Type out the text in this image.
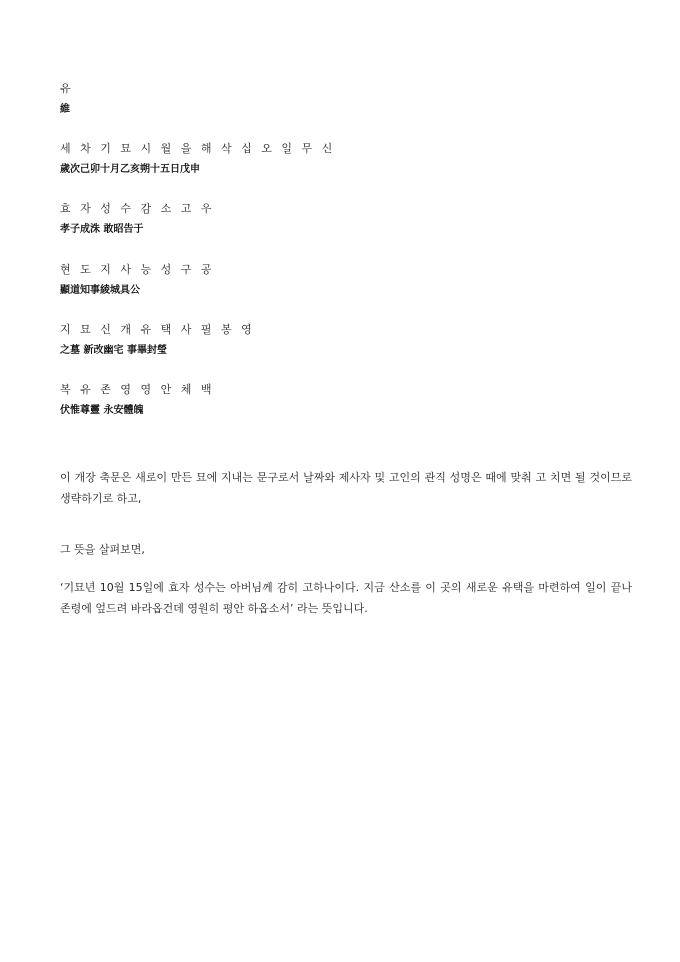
유
維
세 차 기 묘 시 월 을 해 삭 십 오 일 무 신
歲次己卯十月乙亥朔十五日戊申
효 자 성 수 감 소 고 우
孝子成洙 敢昭告于
현 도 지 사 능 성 구 공
顯道知事綾城具公
지 묘 신 개 유 택 사 필 봉 영
之墓 新改幽宅 事畢封瑩
복 유 존 영 영 안 체 백
伏惟尊靈 永安體魄

이 개장 축문은 새로이 만든 묘에 지내는 문구로서 날짜와 제사자 및 고인의 관직 성명은 때에 맞춰 고 치면 될 것이므로 생략하기로 하고,

그 뜻을 살펴보면,

‘기묘년 10월 15일에 효자 성수는 아버님께 감히 고하나이다. 지금 산소를 이 곳의 새로운 유택을 마련하여 일이 끝나 존령에 엎드려 바라옵건데 영원히 평안 하옵소서’ 라는 뜻입니다.
